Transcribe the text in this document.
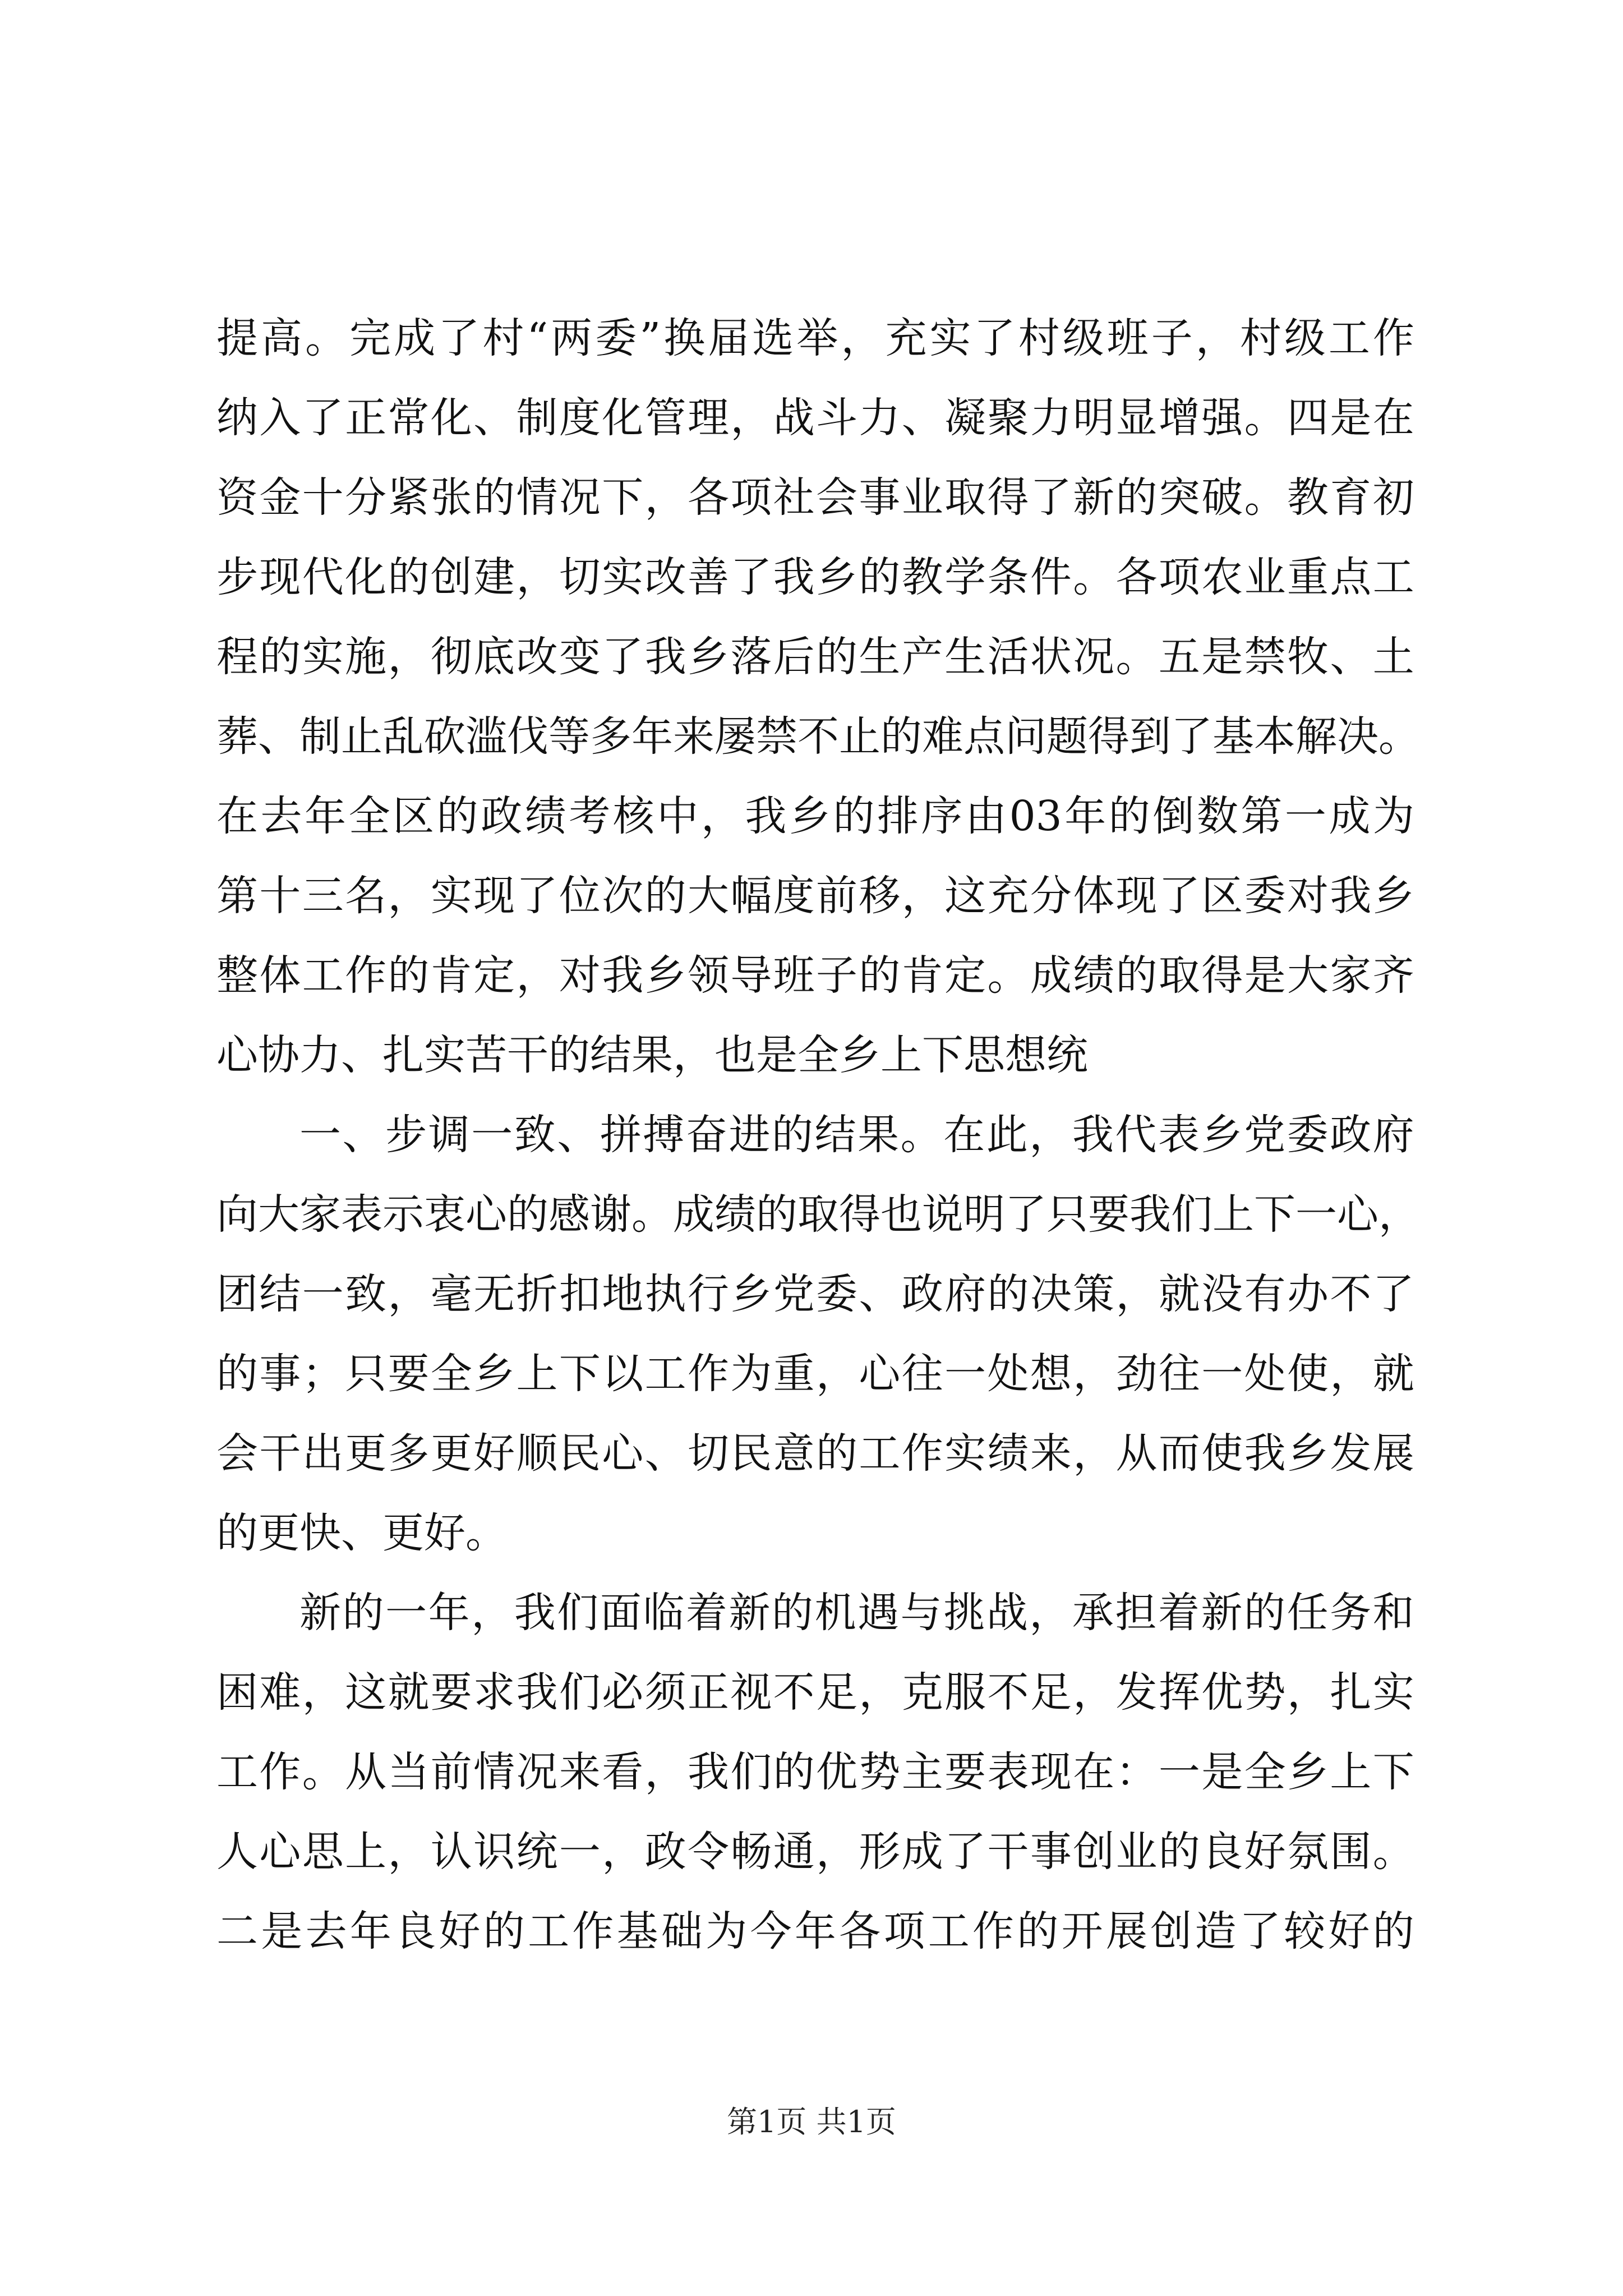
提 高 。 完 成 了 村 “ 两 委 ” 换 届 选 举 ， 充 实 了 村 级 班 子 ， 村 级 工 作
纳 入 了 正 常 化 、 制 度 化 管 理 ， 战 斗 力 、 凝 聚 力 明 显 增 强 。 四 是 在
资 金 十 分 紧 张 的 情 况 下 ， 各 项 社 会 事 业 取 得 了 新 的 突 破 。 教 育 初
步 现 代 化 的 创 建 ， 切 实 改 善 了 我 乡 的 教 学 条 件 。 各 项 农 业 重 点 工
程 的 实 施 ， 彻 底 改 变 了 我 乡 落 后 的 生 产 生 活 状 况 。 五 是 禁 牧 、 土
葬 、 制 止 乱 砍 滥 伐 等 多 年 来 屡 禁 不 止 的 难 点 问 题 得 到 了 基 本 解 决 。
在 去 年 全 区 的 政 绩 考 核 中 ， 我 乡 的 排 序 由 03 年 的 倒 数 第 一 成 为
第 十 三 名 ， 实 现 了 位 次 的 大 幅 度 前 移 ， 这 充 分 体 现 了 区 委 对 我 乡
整 体 工 作 的 肯 定 ， 对 我 乡 领 导 班 子 的 肯 定 。 成 绩 的 取 得 是 大 家 齐
心协力、扎实苦干的结果，也是全乡上下思想统
一 、 步 调 一 致 、 拼 搏 奋 进 的 结 果 。 在 此 ， 我 代 表 乡 党 委 政 府
向 大 家 表 示 衷 心 的 感 谢 。 成 绩 的 取 得 也 说 明 了 只 要 我 们 上 下 一 心 ，
团 结 一 致 ， 毫 无 折 扣 地 执 行 乡 党 委 、 政 府 的 决 策 ， 就 没 有 办 不 了
的 事 ； 只 要 全 乡 上 下 以 工 作 为 重 ， 心 往 一 处 想 ， 劲 往 一 处 使 ， 就
会 干 出 更 多 更 好 顺 民 心 、 切 民 意 的 工 作 实 绩 来 ， 从 而 使 我 乡 发 展
的更快、更好。
新 的 一 年 ， 我 们 面 临 着 新 的 机 遇 与 挑 战 ， 承 担 着 新 的 任 务 和
困 难 ， 这 就 要 求 我 们 必 须 正 视 不 足 ， 克 服 不 足 ， 发 挥 优 势 ， 扎 实
工 作 。 从 当 前 情 况 来 看 ， 我 们 的 优 势 主 要 表 现 在 ： 一 是 全 乡 上 下
人 心 思 上 ， 认 识 统 一 ， 政 令 畅 通 ， 形 成 了 干 事 创 业 的 良 好 氛 围 。
二 是 去 年 良 好 的 工 作 基 础 为 今 年 各 项 工 作 的 开 展 创 造 了 较 好 的
第1页 共1页
